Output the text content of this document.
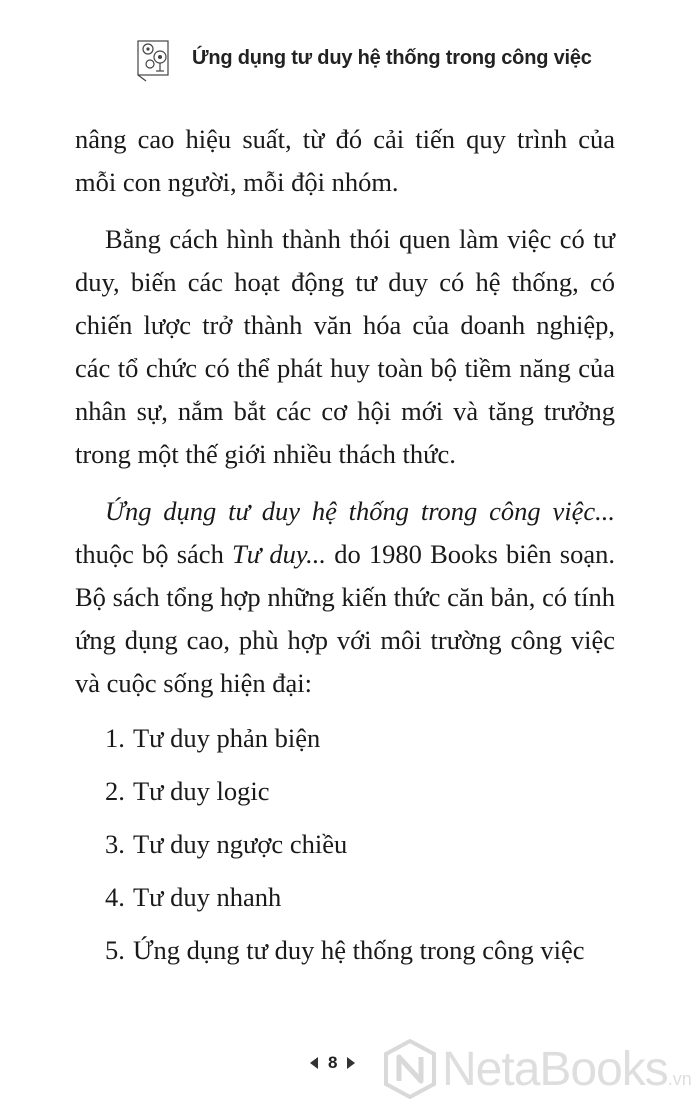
Ứng dụng tư duy hệ thống trong công việc

nâng cao hiệu suất, từ đó cải tiến quy trình của mỗi con người, mỗi đội nhóm.

Bằng cách hình thành thói quen làm việc có tư duy, biến các hoạt động tư duy có hệ thống, có chiến lược trở thành văn hóa của doanh nghiệp, các tổ chức có thể phát huy toàn bộ tiềm năng của nhân sự, nắm bắt các cơ hội mới và tăng trưởng trong một thế giới nhiều thách thức.

Ứng dụng tư duy hệ thống trong công việc... thuộc bộ sách Tư duy... do 1980 Books biên soạn. Bộ sách tổng hợp những kiến thức căn bản, có tính ứng dụng cao, phù hợp với môi trường công việc và cuộc sống hiện đại:

1. Tư duy phản biện
2. Tư duy logic
3. Tư duy ngược chiều
4. Tư duy nhanh
5. Ứng dụng tư duy hệ thống trong công việc
8 NetaBooks.vn
